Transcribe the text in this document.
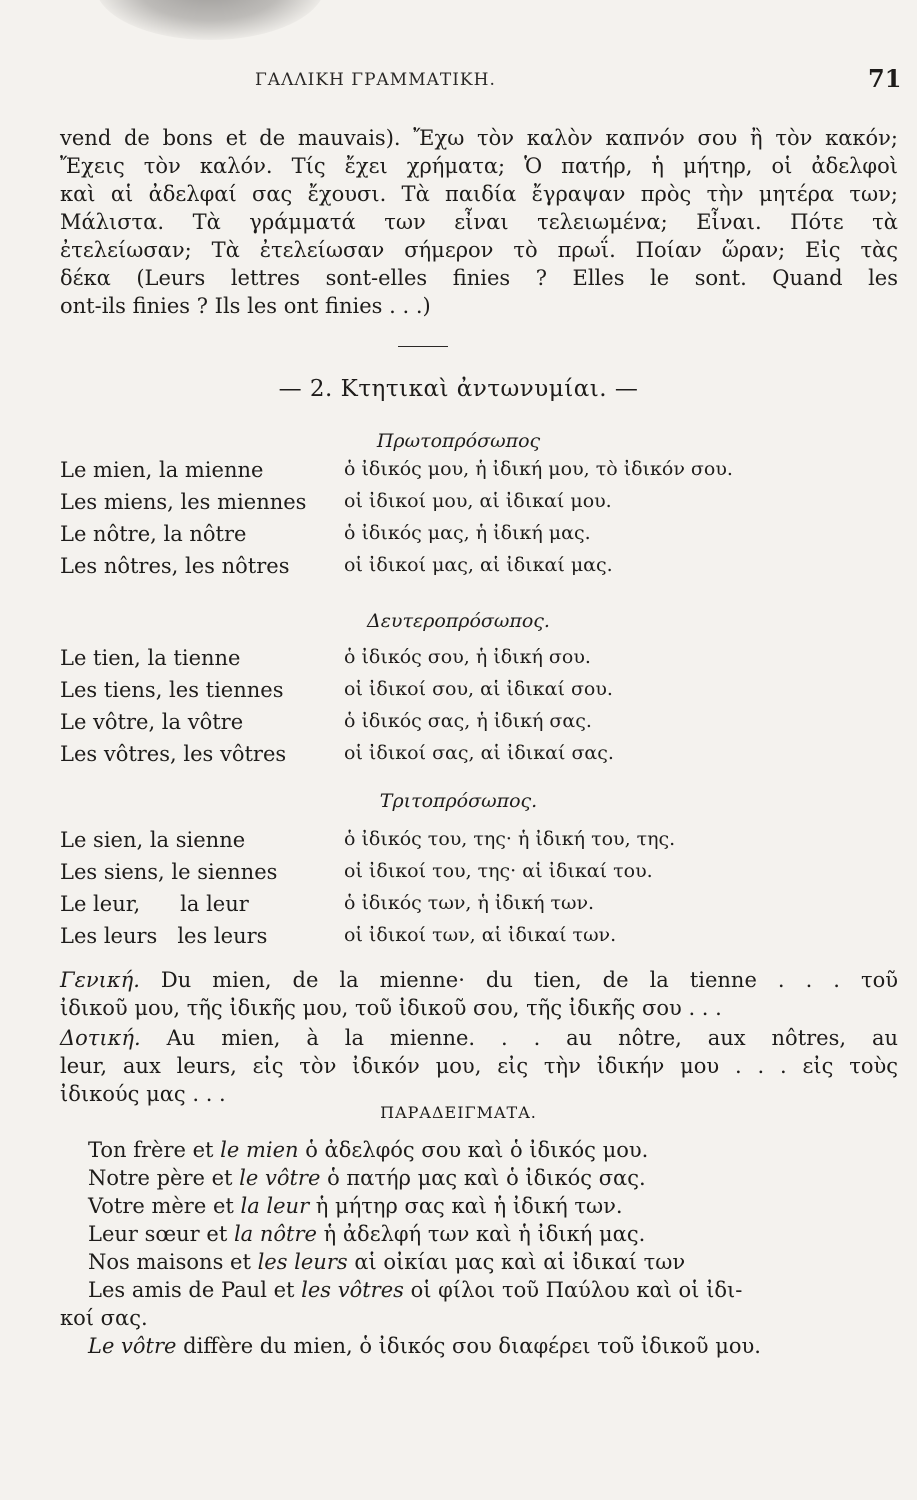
ΓΑΛΛΙΚΗ ΓΡΑΜΜΑΤΙΚΗ.	71
vend de bons et de mauvais). Ἔχω τὸν καλὸν καπνόν σου ἢ τὸν κακόν;
Ἔχεις τὸν καλόν. Τίς ἔχει χρήματα; Ὁ πατήρ, ἡ μήτηρ, οἱ ἀδελφοὶ
καὶ αἱ ἀδελφαί σας ἔχουσι. Τὰ παιδία ἔγραψαν πρὸς τὴν μητέρα των;
Μάλιστα. Τὰ γράμματά των εἶναι τελειωμένα; Εἶναι. Πότε τὰ
ἐτελείωσαν; Τὰ ἐτελείωσαν σήμερον τὸ πρωΐ. Ποίαν ὥραν; Εἰς τὰς
δέκα (Leurs lettres sont-elles finies ? Elles le sont. Quand les
ont-ils finies ? Ils les ont finies . . .)
— 2. Κτητικαὶ ἀντωνυμίαι. —
Πρωτοπρόσωπος
Le mien, la mienne	ὁ ἰδικός μου, ἡ ἰδική μου, τὸ ἰδικόν σου.
Les miens, les miennes οἱ ἰδικοί μου, αἱ ἰδικαί μου.
Le nôtre, la nôtre	ὁ ἰδικός μας, ἡ ἰδική μας.
Les nôtres, les nôtres	οἱ ἰδικοί μας, αἱ ἰδικαί μας.
Δευτεροπρόσωπος.
Le tien, la tienne	ὁ ἰδικός σου, ἡ ἰδική σου.
Les tiens, les tiennes	οἱ ἰδικοί σου, αἱ ἰδικαί σου.
Le vôtre, la vôtre	ὁ ἰδικός σας, ἡ ἰδική σας.
Les vôtres, les vôtres	οἱ ἰδικοί σας, αἱ ἰδικαί σας.
Τριτοπρόσωπος.
Le sien, la sienne	ὁ ἰδικός του, της· ἡ ἰδική του, της.
Les siens, le siennes	οἱ ἰδικοί του, της· αἱ ἰδικαί του.
Le leur,      la leur	ὁ ἰδικός των, ἡ ἰδική των.
Les leurs   les leurs	οἱ ἰδικοί των, αἱ ἰδικαί των.
Γενική. Du mien, de la mienne· du tien, de la tienne . . . τοῦ
ἰδικοῦ μου, τῆς ἰδικῆς μου, τοῦ ἰδικοῦ σου, τῆς ἰδικῆς σου . . .
Δοτική. Au mien, à la mienne. . . au nôtre, aux nôtres, au
leur, aux leurs, εἰς τὸν ἰδικόν μου, εἰς τὴν ἰδικήν μου . . . εἰς τοὺς
ἰδικούς μας . . .
ΠΑΡΑΔΕΙΓΜΑΤΑ.
Ton frère et le mien ὁ ἀδελφός σου καὶ ὁ ἰδικός μου.
Notre père et le vôtre ὁ πατήρ μας καὶ ὁ ἰδικός σας.
Votre mère et la leur ἡ μήτηρ σας καὶ ἡ ἰδική των.
Leur sœur et la nôtre ἡ ἀδελφή των καὶ ἡ ἰδική μας.
Nos maisons et les leurs αἱ οἰκίαι μας καὶ αἱ ἰδικαί των
Les amis de Paul et les vôtres οἱ φίλοι τοῦ Παύλου καὶ οἱ ἰδι-
κοί σας.
Le vôtre diffère du mien, ὁ ἰδικός σου διαφέρει τοῦ ἰδικοῦ μου.
